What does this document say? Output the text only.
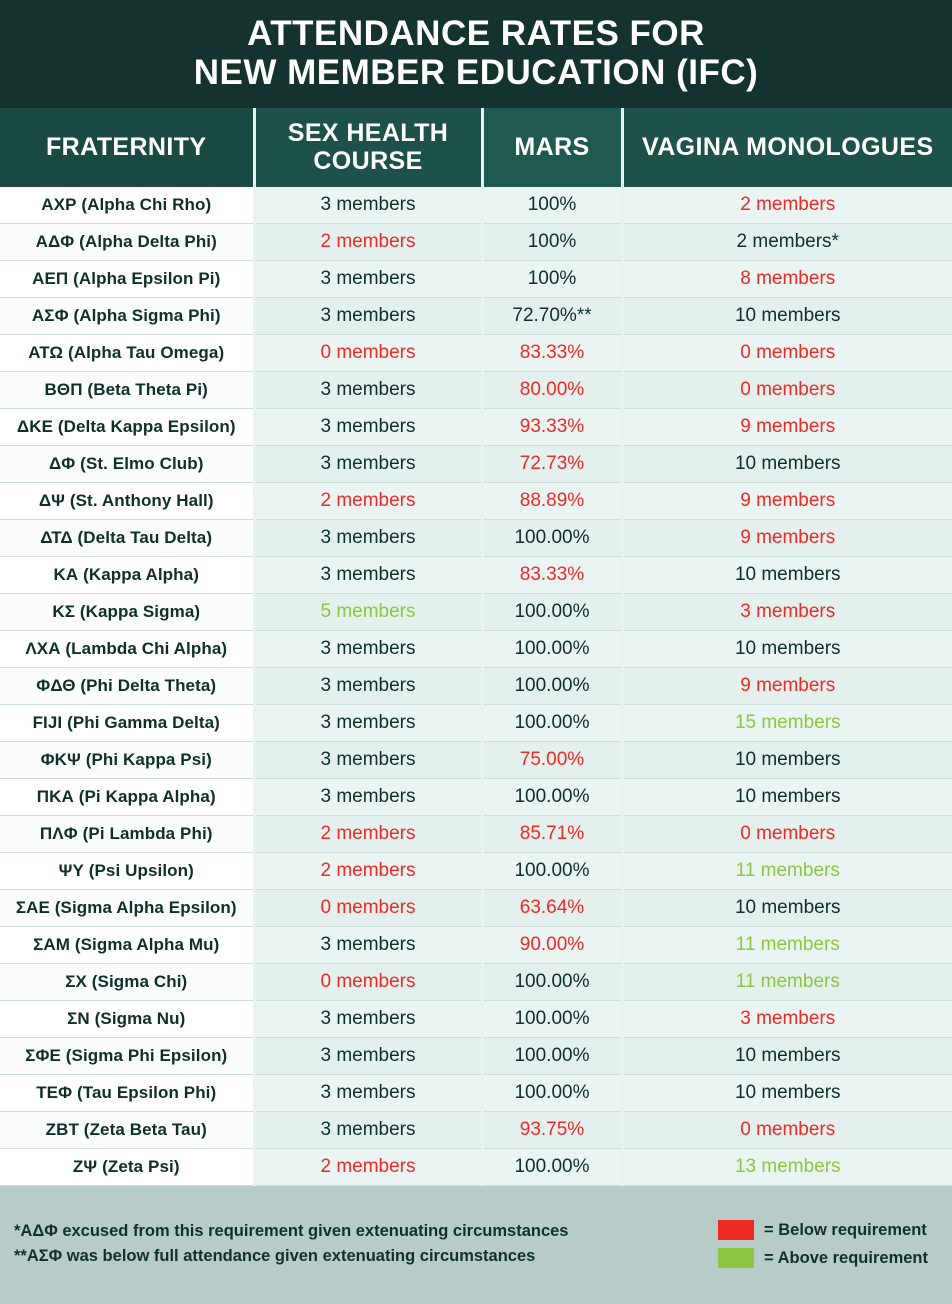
ATTENDANCE RATES FOR
NEW MEMBER EDUCATION (IFC)
FRATERNITY	SEX HEALTH COURSE	MARS	VAGINA MONOLOGUES
ΑΧΡ (Alpha Chi Rho)	3 members	100%	2 members
ΑΔΦ (Alpha Delta Phi)	2 members	100%	2 members*
ΑΕΠ (Alpha Epsilon Pi)	3 members	100%	8 members
ΑΣΦ (Alpha Sigma Phi)	3 members	72.70%**	10 members
ΑΤΩ (Alpha Tau Omega)	0 members	83.33%	0 members
ΒΘΠ (Beta Theta Pi)	3 members	80.00%	0 members
ΔΚΕ (Delta Kappa Epsilon)	3 members	93.33%	9 members
ΔΦ (St. Elmo Club)	3 members	72.73%	10 members
ΔΨ (St. Anthony Hall)	2 members	88.89%	9 members
ΔΤΔ (Delta Tau Delta)	3 members	100.00%	9 members
ΚΑ (Kappa Alpha)	3 members	83.33%	10 members
ΚΣ (Kappa Sigma)	5 members	100.00%	3 members
ΛΧΑ (Lambda Chi Alpha)	3 members	100.00%	10 members
ΦΔΘ (Phi Delta Theta)	3 members	100.00%	9 members
FIJI (Phi Gamma Delta)	3 members	100.00%	15 members
ΦΚΨ (Phi Kappa Psi)	3 members	75.00%	10 members
ΠΚΑ (Pi Kappa Alpha)	3 members	100.00%	10 members
ΠΛΦ (Pi Lambda Phi)	2 members	85.71%	0 members
ΨΥ (Psi Upsilon)	2 members	100.00%	11 members
ΣΑΕ (Sigma Alpha Epsilon)	0 members	63.64%	10 members
ΣΑΜ (Sigma Alpha Mu)	3 members	90.00%	11 members
ΣΧ (Sigma Chi)	0 members	100.00%	11 members
ΣΝ (Sigma Nu)	3 members	100.00%	3 members
ΣΦΕ (Sigma Phi Epsilon)	3 members	100.00%	10 members
ΤΕΦ (Tau Epsilon Phi)	3 members	100.00%	10 members
ΖΒΤ (Zeta Beta Tau)	3 members	93.75%	0 members
ΖΨ (Zeta Psi)	2 members	100.00%	13 members
*ΑΔΦ excused from this requirement given extenuating circumstances
**ΑΣΦ was below full attendance given extenuating circumstances
= Below requirement
= Above requirement
